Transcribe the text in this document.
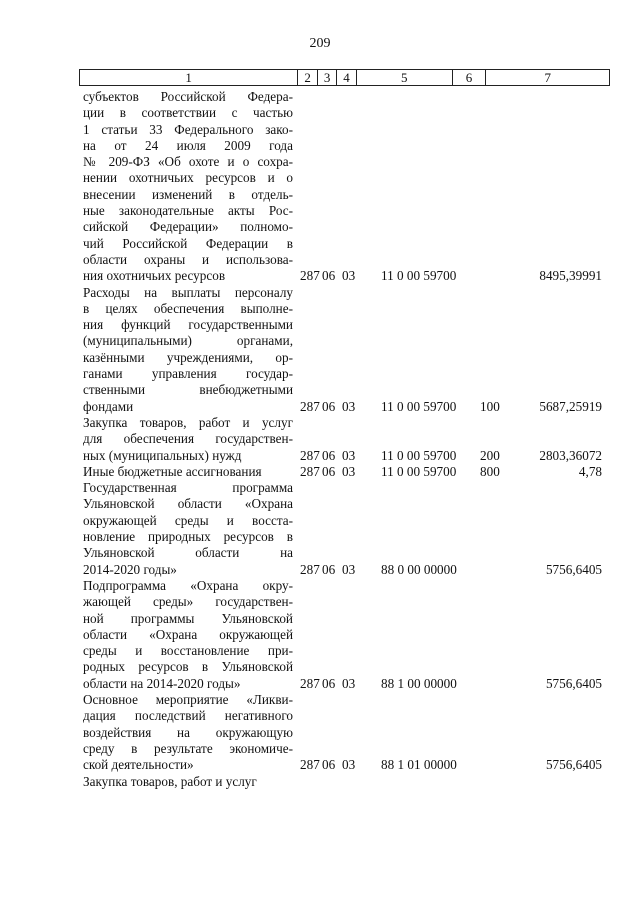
209
1	2 3 4	5	6	7
субъектов Российской Федера-
ции в соответствии с частью
1 статьи 33 Федерального зако-
на от 24 июля 2009 года
№ 209-ФЗ «Об охоте и о сохра-
нении охотничьих ресурсов и о
внесении изменений в отдель-
ные законодательные акты Рос-
сийской Федерации» полномо-
чий Российской Федерации в
области охраны и использова-
ния охотничьих ресурсов	287 06 03	11 0 00 59700	8495,39991
Расходы на выплаты персоналу
в целях обеспечения выполне-
ния функций государственными
(муниципальными) органами,
казёнными учреждениями, ор-
ганами управления государ-
ственными внебюджетными
фондами	287 06 03	11 0 00 59700	100	5687,25919
Закупка товаров, работ и услуг
для обеспечения государствен-
ных (муниципальных) нужд	287 06 03	11 0 00 59700	200	2803,36072
Иные бюджетные ассигнования	287 06 03	11 0 00 59700	800	4,78
Государственная программа
Ульяновской области «Охрана
окружающей среды и восста-
новление природных ресурсов в
Ульяновской области на
2014-2020 годы»	287 06 03	88 0 00 00000	5756,6405
Подпрограмма «Охрана окру-
жающей среды» государствен-
ной программы Ульяновской
области «Охрана окружающей
среды и восстановление при-
родных ресурсов в Ульяновской
области на 2014-2020 годы»	287 06 03	88 1 00 00000	5756,6405
Основное мероприятие «Ликви-
дация последствий негативного
воздействия на окружающую
среду в результате экономиче-
ской деятельности»	287 06 03	88 1 01 00000	5756,6405
Закупка товаров, работ и услуг
